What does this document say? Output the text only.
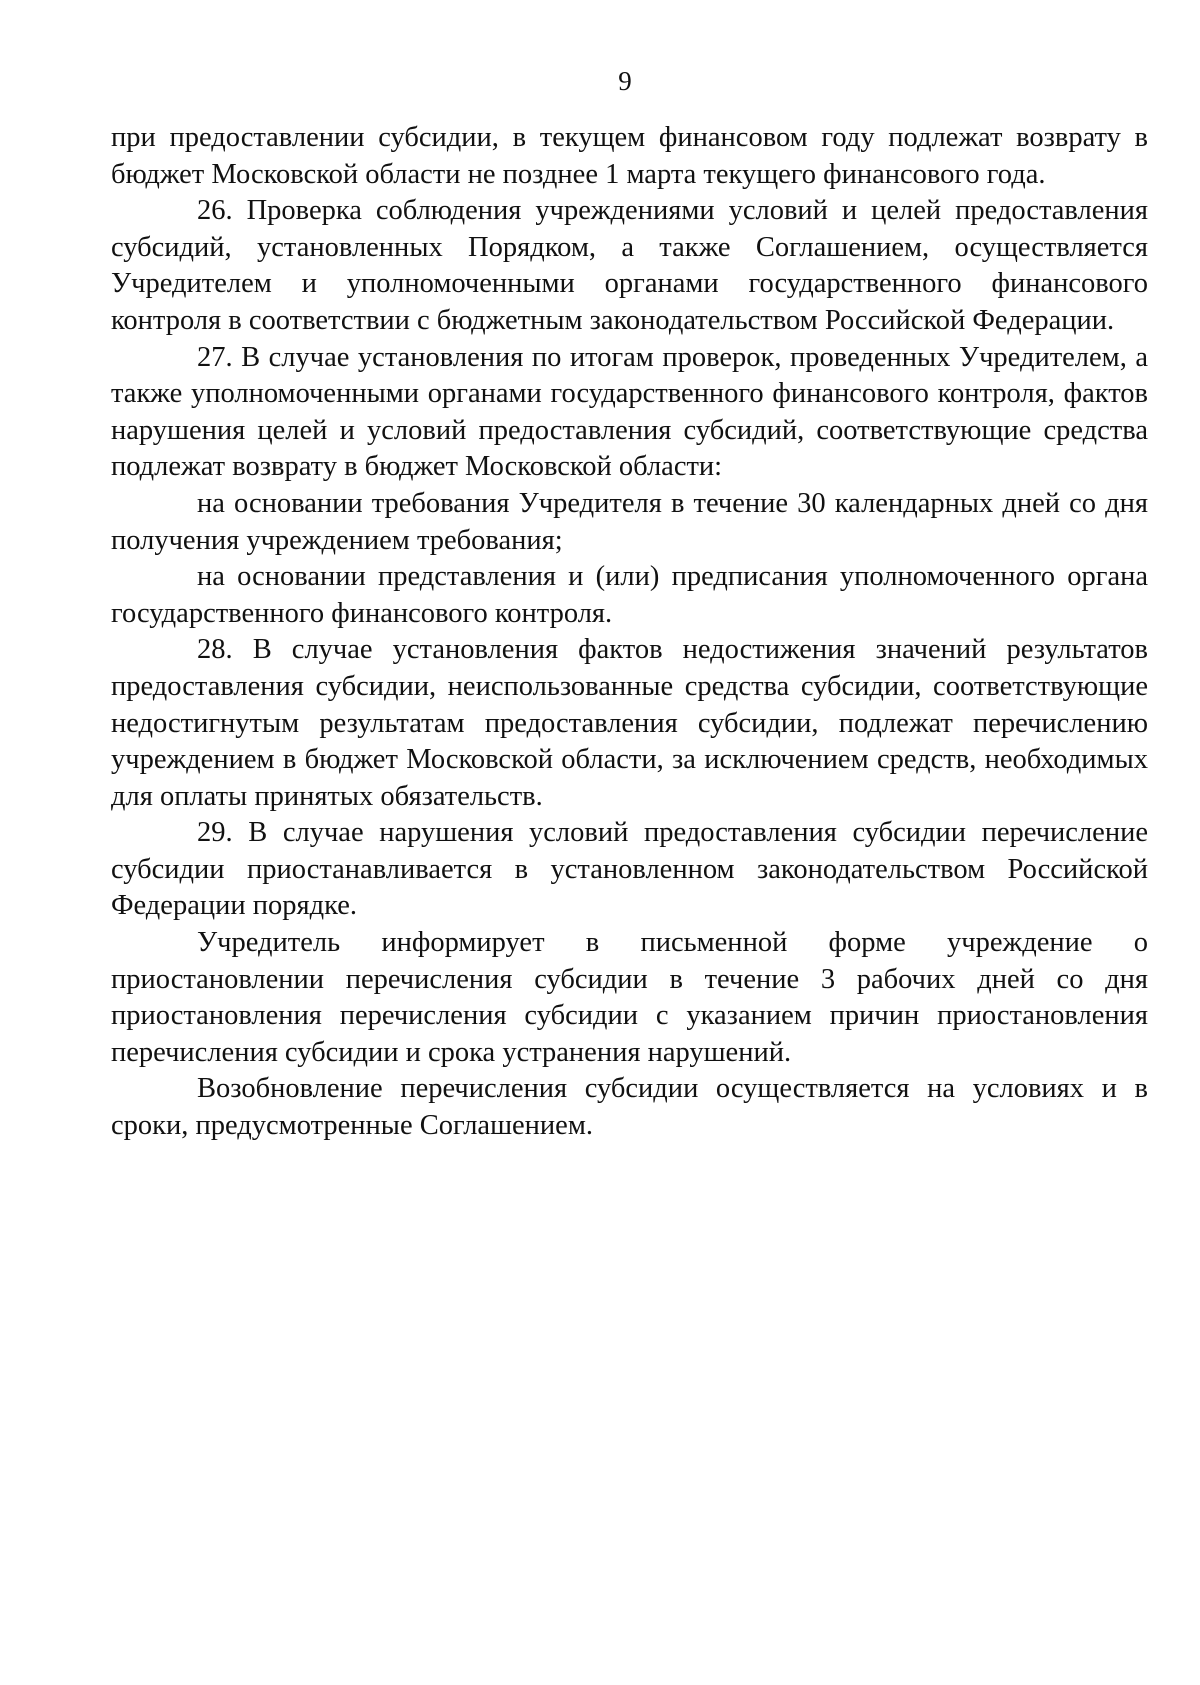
9

при предоставлении субсидии, в текущем финансовом году подлежат возврату в бюджет Московской области не позднее 1 марта текущего финансового года.

26. Проверка соблюдения учреждениями условий и целей предоставления субсидий, установленных Порядком, а также Соглашением, осуществляется Учредителем и уполномоченными органами государственного финансового контроля в соответствии с бюджетным законодательством Российской Федерации.

27. В случае установления по итогам проверок, проведенных Учредителем, а также уполномоченными органами государственного финансового контроля, фактов нарушения целей и условий предоставления субсидий, соответствующие средства подлежат возврату в бюджет Московской области:

на основании требования Учредителя в течение 30 календарных дней со дня получения учреждением требования;

на основании представления и (или) предписания уполномоченного органа государственного финансового контроля.

28. В случае установления фактов недостижения значений результатов предоставления субсидии, неиспользованные средства субсидии, соответствующие недостигнутым результатам предоставления субсидии, подлежат перечислению учреждением в бюджет Московской области, за исключением средств, необходимых для оплаты принятых обязательств.

29. В случае нарушения условий предоставления субсидии перечисление субсидии приостанавливается в установленном законодательством Российской Федерации порядке.

Учредитель информирует в письменной форме учреждение о приостановлении перечисления субсидии в течение 3 рабочих дней со дня приостановления перечисления субсидии с указанием причин приостановления перечисления субсидии и срока устранения нарушений.

Возобновление перечисления субсидии осуществляется на условиях и в сроки, предусмотренные Соглашением.
